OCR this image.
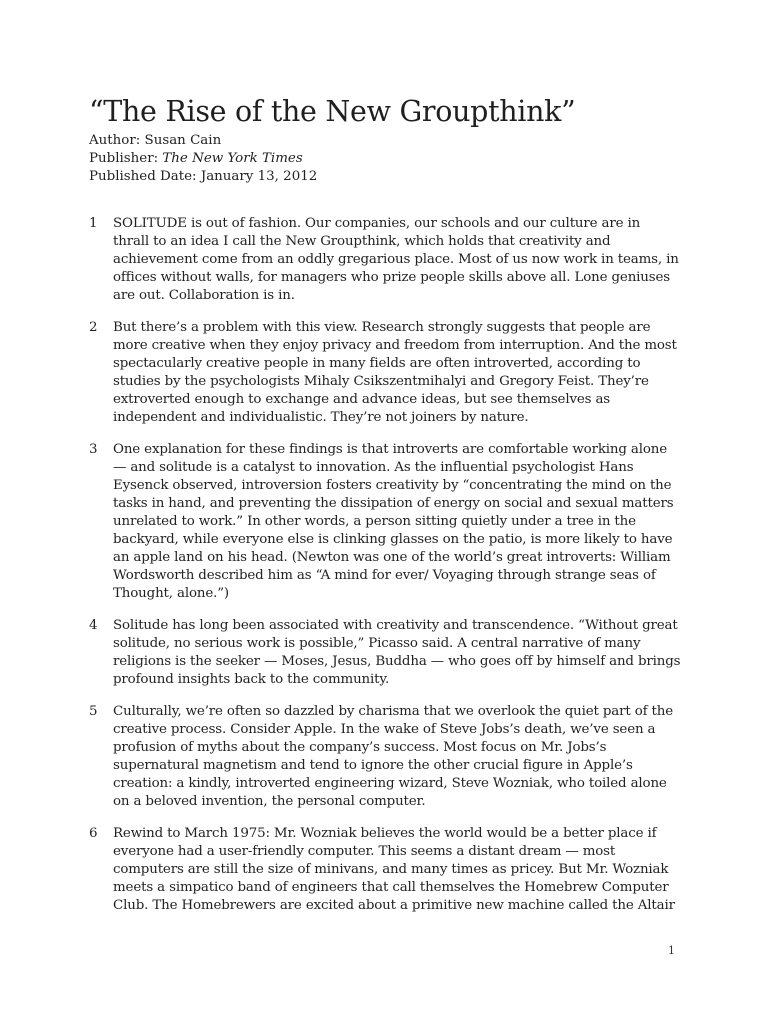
“The Rise of the New Groupthink”
Author: Susan Cain
Publisher: The New York Times
Published Date: January 13, 2012
1	SOLITUDE is out of fashion. Our companies, our schools and our culture are in
thrall to an idea I call the New Groupthink, which holds that creativity and
achievement come from an oddly gregarious place. Most of us now work in teams, in
offices without walls, for managers who prize people skills above all. Lone geniuses
are out. Collaboration is in.
2	But there’s a problem with this view. Research strongly suggests that people are
more creative when they enjoy privacy and freedom from interruption. And the most
spectacularly creative people in many fields are often introverted, according to
studies by the psychologists Mihaly Csikszentmihalyi and Gregory Feist. They’re
extroverted enough to exchange and advance ideas, but see themselves as
independent and individualistic. They’re not joiners by nature.
3	One explanation for these findings is that introverts are comfortable working alone
— and solitude is a catalyst to innovation. As the influential psychologist Hans
Eysenck observed, introversion fosters creativity by “concentrating the mind on the
tasks in hand, and preventing the dissipation of energy on social and sexual matters
unrelated to work.” In other words, a person sitting quietly under a tree in the
backyard, while everyone else is clinking glasses on the patio, is more likely to have
an apple land on his head. (Newton was one of the world’s great introverts: William
Wordsworth described him as “A mind for ever/ Voyaging through strange seas of
Thought, alone.”)
4	Solitude has long been associated with creativity and transcendence. “Without great
solitude, no serious work is possible,” Picasso said. A central narrative of many
religions is the seeker — Moses, Jesus, Buddha — who goes off by himself and brings
profound insights back to the community.
5	Culturally, we’re often so dazzled by charisma that we overlook the quiet part of the
creative process. Consider Apple. In the wake of Steve Jobs’s death, we’ve seen a
profusion of myths about the company’s success. Most focus on Mr. Jobs’s
supernatural magnetism and tend to ignore the other crucial figure in Apple’s
creation: a kindly, introverted engineering wizard, Steve Wozniak, who toiled alone
on a beloved invention, the personal computer.
6	Rewind to March 1975: Mr. Wozniak believes the world would be a better place if
everyone had a user-friendly computer. This seems a distant dream — most
computers are still the size of minivans, and many times as pricey. But Mr. Wozniak
meets a simpatico band of engineers that call themselves the Homebrew Computer
Club. The Homebrewers are excited about a primitive new machine called the Altair
1
